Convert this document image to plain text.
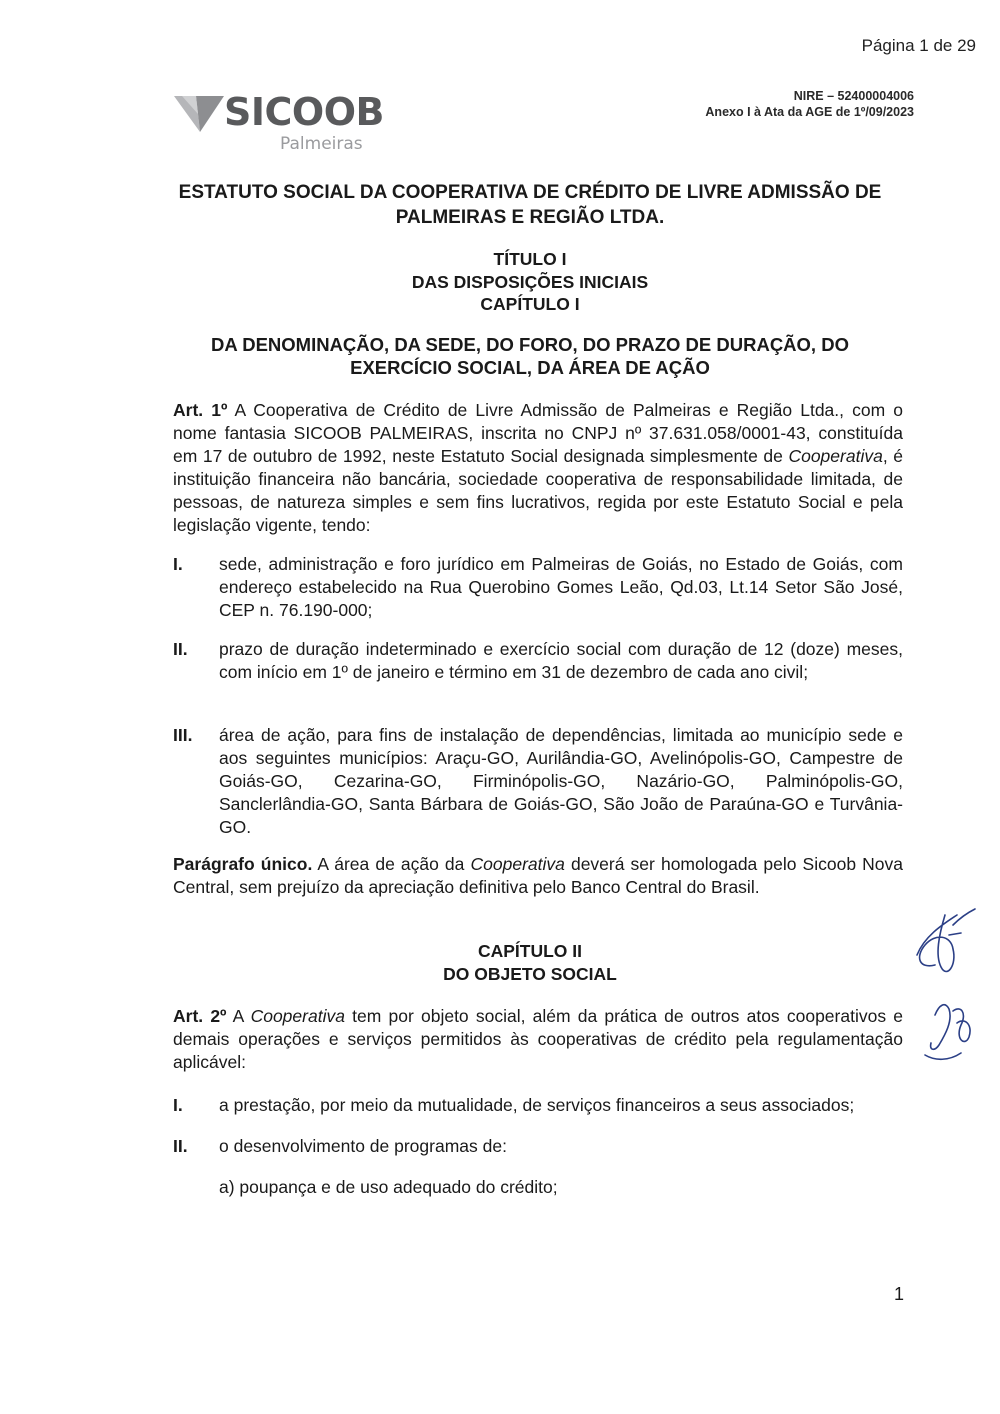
Página 1 de 29
SICOOB
Palmeiras
NIRE – 52400004006
Anexo I à Ata da AGE de 1º/09/2023
ESTATUTO SOCIAL DA COOPERATIVA DE CRÉDITO DE LIVRE ADMISSÃO DE
PALMEIRAS E REGIÃO LTDA.
TÍTULO I
DAS DISPOSIÇÕES INICIAIS
CAPÍTULO I
DA DENOMINAÇÃO, DA SEDE, DO FORO, DO PRAZO DE DURAÇÃO, DO
EXERCÍCIO SOCIAL, DA ÁREA DE AÇÃO
Art. 1º A Cooperativa de Crédito de Livre Admissão de Palmeiras e Região Ltda., com o nome fantasia SICOOB PALMEIRAS, inscrita no CNPJ nº 37.631.058/0001-43, constituída em 17 de outubro de 1992, neste Estatuto Social designada simplesmente de Cooperativa, é instituição financeira não bancária, sociedade cooperativa de responsabilidade limitada, de pessoas, de natureza simples e sem fins lucrativos, regida por este Estatuto Social e pela legislação vigente, tendo:
I.	sede, administração e foro jurídico em Palmeiras de Goiás, no Estado de Goiás, com endereço estabelecido na Rua Querobino Gomes Leão, Qd.03, Lt.14 Setor São José, CEP n. 76.190-000;
II.	prazo de duração indeterminado e exercício social com duração de 12 (doze) meses, com início em 1º de janeiro e término em 31 de dezembro de cada ano civil;
III.	área de ação, para fins de instalação de dependências, limitada ao município sede e aos seguintes municípios: Araçu-GO, Aurilândia-GO, Avelinópolis-GO, Campestre de Goiás-GO, Cezarina-GO, Firminópolis-GO, Nazário-GO, Palminópolis-GO, Sanclerlândia-GO, Santa Bárbara de Goiás-GO, São João de Paraúna-GO e Turvânia-GO.
Parágrafo único. A área de ação da Cooperativa deverá ser homologada pelo Sicoob Nova Central, sem prejuízo da apreciação definitiva pelo Banco Central do Brasil.
CAPÍTULO II
DO OBJETO SOCIAL
Art. 2º A Cooperativa tem por objeto social, além da prática de outros atos cooperativos e demais operações e serviços permitidos às cooperativas de crédito pela regulamentação aplicável:
I.	a prestação, por meio da mutualidade, de serviços financeiros a seus associados;
II.	o desenvolvimento de programas de:
a) poupança e de uso adequado do crédito;
1
